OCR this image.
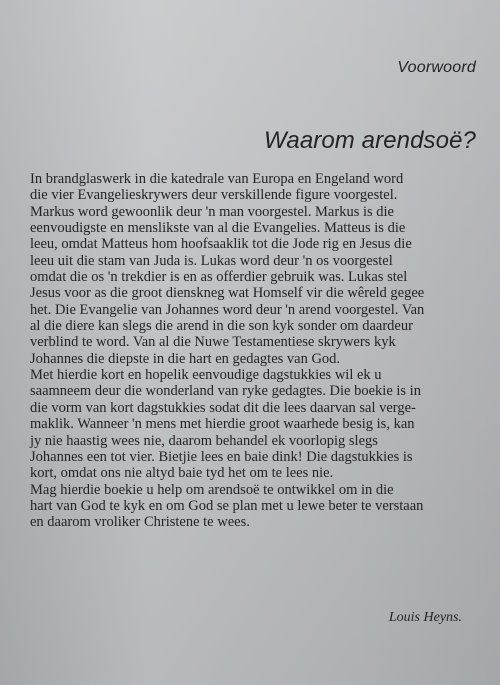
Voorwoord
Waarom arendsoë?
In brandglaswerk in die katedrale van Europa en Engeland word
die vier Evangelieskrywers deur verskillende figure voorgestel.
Markus word gewoonlik deur 'n man voorgestel. Markus is die
eenvoudigste en menslikste van al die Evangelies. Matteus is die
leeu, omdat Matteus hom hoofsaaklik tot die Jode rig en Jesus die
leeu uit die stam van Juda is. Lukas word deur 'n os voorgestel
omdat die os 'n trekdier is en as offerdier gebruik was. Lukas stel
Jesus voor as die groot dienskneg wat Homself vir die wêreld gegee
het. Die Evangelie van Johannes word deur 'n arend voorgestel. Van
al die diere kan slegs die arend in die son kyk sonder om daardeur
verblind te word. Van al die Nuwe Testamentiese skrywers kyk
Johannes die diepste in die hart en gedagtes van God.
Met hierdie kort en hopelik eenvoudige dagstukkies wil ek u
saamneem deur die wonderland van ryke gedagtes. Die boekie is in
die vorm van kort dagstukkies sodat dit die lees daarvan sal verge-
maklik. Wanneer 'n mens met hierdie groot waarhede besig is, kan
jy nie haastig wees nie, daarom behandel ek voorlopig slegs
Johannes een tot vier. Bietjie lees en baie dink! Die dagstukkies is
kort, omdat ons nie altyd baie tyd het om te lees nie.
Mag hierdie boekie u help om arendsoë te ontwikkel om in die
hart van God te kyk en om God se plan met u lewe beter te verstaan
en daarom vroliker Christene te wees.
Louis Heyns.
